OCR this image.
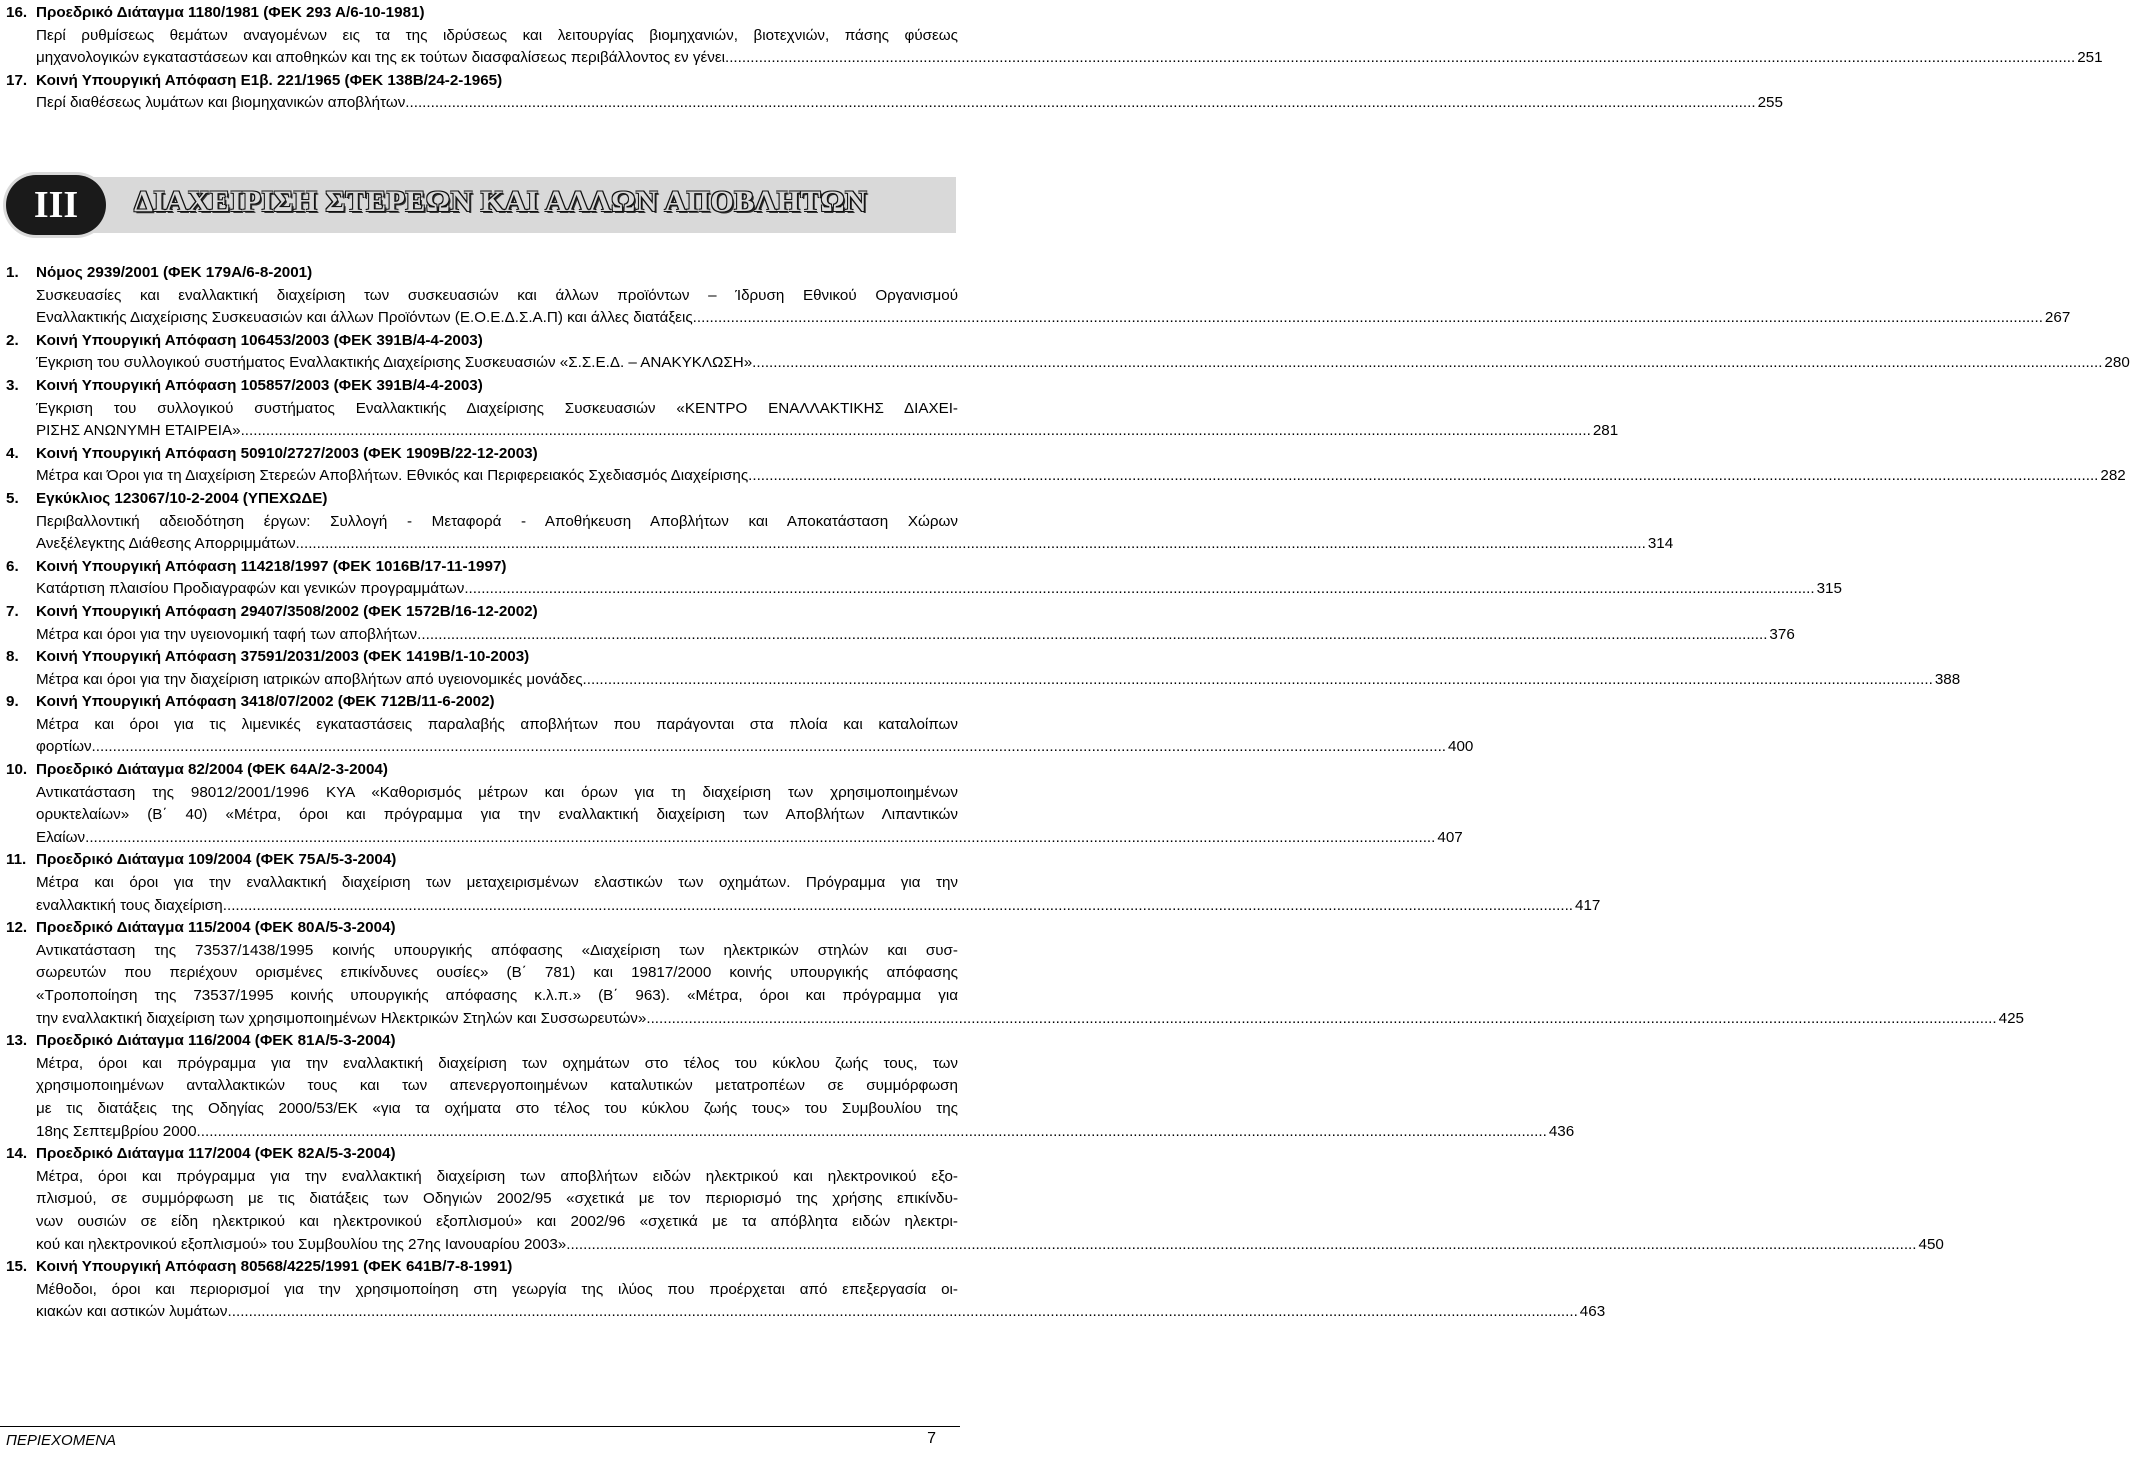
16. Προεδρικό Διάταγμα 1180/1981 (ΦΕΚ 293 Α/6-10-1981)
Περί ρυθμίσεως θεμάτων αναγομένων εις τα της ιδρύσεως και λειτουργίας βιομηχανιών, βιοτεχνιών, πάσης φύσεως
μηχανολογικών εγκαταστάσεων και αποθηκών και της εκ τούτων διασφαλίσεως περιβάλλοντος εν γένει .....	251
17. Κοινή Υπουργική Απόφαση Ε1β. 221/1965 (ΦΕΚ 138Β/24-2-1965)
Περί διαθέσεως λυμάτων και βιομηχανικών αποβλήτων .....	255
III	ΔΙΑΧΕΙΡΙΣΗ ΣΤΕΡΕΩΝ ΚΑΙ ΑΛΛΩΝ ΑΠΟΒΛΗΤΩΝ
1. Νόμος 2939/2001 (ΦΕΚ 179Α/6-8-2001)
Συσκευασίες και εναλλακτική διαχείριση των συσκευασιών και άλλων προϊόντων – Ίδρυση Εθνικού Οργανισμού
Εναλλακτικής Διαχείρισης Συσκευασιών και άλλων Προϊόντων (Ε.Ο.Ε.Δ.Σ.Α.Π) και άλλες διατάξεις .....	267
2. Κοινή Υπουργική Απόφαση 106453/2003 (ΦΕΚ 391Β/4-4-2003)
Έγκριση του συλλογικού συστήματος Εναλλακτικής Διαχείρισης Συσκευασιών «Σ.Σ.Ε.Δ. – ΑΝΑΚΥΚΛΩΣΗ» .....	280
3. Κοινή Υπουργική Απόφαση 105857/2003 (ΦΕΚ 391Β/4-4-2003)
Έγκριση του συλλογικού συστήματος Εναλλακτικής Διαχείρισης Συσκευασιών «ΚΕΝΤΡΟ ΕΝΑΛΛΑΚΤΙΚΗΣ ΔΙΑΧΕΙ-
ΡΙΣΗΣ ΑΝΩΝΥΜΗ ΕΤΑΙΡΕΙΑ» .....	281
4. Κοινή Υπουργική Απόφαση 50910/2727/2003 (ΦΕΚ 1909Β/22-12-2003)
Μέτρα και Όροι για τη Διαχείριση Στερεών Αποβλήτων. Εθνικός και Περιφερειακός Σχεδιασμός Διαχείρισης .....	282
5. Εγκύκλιος 123067/10-2-2004 (ΥΠΕΧΩΔΕ)
Περιβαλλοντική αδειοδότηση έργων: Συλλογή - Μεταφορά - Αποθήκευση Αποβλήτων και Αποκατάσταση Χώρων
Ανεξέλεγκτης Διάθεσης Απορριμμάτων .....	314
6. Κοινή Υπουργική Απόφαση 114218/1997 (ΦΕΚ 1016Β/17-11-1997)
Κατάρτιση πλαισίου Προδιαγραφών και γενικών προγραμμάτων .....	315
7. Κοινή Υπουργική Απόφαση 29407/3508/2002 (ΦΕΚ 1572Β/16-12-2002)
Μέτρα και όροι για την υγειονομική ταφή των αποβλήτων .....	376
8. Κοινή Υπουργική Απόφαση 37591/2031/2003 (ΦΕΚ 1419Β/1-10-2003)
Μέτρα και όροι για την διαχείριση ιατρικών αποβλήτων από υγειονομικές μονάδες .....	388
9. Κοινή Υπουργική Απόφαση 3418/07/2002 (ΦΕΚ 712Β/11-6-2002)
Μέτρα και όροι για τις λιμενικές εγκαταστάσεις παραλαβής αποβλήτων που παράγονται στα πλοία και καταλοίπων
φορτίων. .....	400
10. Προεδρικό Διάταγμα 82/2004 (ΦΕΚ 64Α/2-3-2004)
Αντικατάσταση της 98012/2001/1996 ΚΥΑ «Καθορισμός μέτρων και όρων για τη διαχείριση των χρησιμοποιημένων
ορυκτελαίων» (Β΄ 40) «Μέτρα, όροι και πρόγραμμα για την εναλλακτική διαχείριση των Αποβλήτων Λιπαντικών
Ελαίων .....	407
11. Προεδρικό Διάταγμα 109/2004 (ΦΕΚ 75Α/5-3-2004)
Μέτρα και όροι για την εναλλακτική διαχείριση των μεταχειρισμένων ελαστικών των οχημάτων. Πρόγραμμα για την
εναλλακτική τους διαχείριση .....	417
12. Προεδρικό Διάταγμα 115/2004 (ΦΕΚ 80Α/5-3-2004)
Αντικατάσταση της 73537/1438/1995 κοινής υπουργικής απόφασης «Διαχείριση των ηλεκτρικών στηλών και συσ-
σωρευτών που περιέχουν ορισμένες επικίνδυνες ουσίες» (Β΄ 781) και 19817/2000 κοινής υπουργικής απόφασης
«Τροποποίηση της 73537/1995 κοινής υπουργικής απόφασης κ.λ.π.» (Β΄ 963). «Μέτρα, όροι και πρόγραμμα για
την εναλλακτική διαχείριση των χρησιμοποιημένων Ηλεκτρικών Στηλών και Συσσωρευτών» .....	425
13. Προεδρικό Διάταγμα 116/2004 (ΦΕΚ 81Α/5-3-2004)
Μέτρα, όροι και πρόγραμμα για την εναλλακτική διαχείριση των οχημάτων στο τέλος του κύκλου ζωής τους, των
χρησιμοποιημένων ανταλλακτικών τους και των απενεργοποιημένων καταλυτικών μετατροπέων σε συμμόρφωση
με τις διατάξεις της Οδηγίας 2000/53/ΕΚ «για τα οχήματα στο τέλος του κύκλου ζωής τους» του Συμβουλίου της
18ης Σεπτεμβρίου 2000 .....	436
14. Προεδρικό Διάταγμα 117/2004 (ΦΕΚ 82Α/5-3-2004)
Μέτρα, όροι και πρόγραμμα για την εναλλακτική διαχείριση των αποβλήτων ειδών ηλεκτρικού και ηλεκτρονικού εξο-
πλισμού, σε συμμόρφωση με τις διατάξεις των Οδηγιών 2002/95 «σχετικά με τον περιορισμό της χρήσης επικίνδυ-
νων ουσιών σε είδη ηλεκτρικού και ηλεκτρονικού εξοπλισμού» και 2002/96 «σχετικά με τα απόβλητα ειδών ηλεκτρι-
κού και ηλεκτρονικού εξοπλισμού» του Συμβουλίου της 27ης Ιανουαρίου 2003» .....	450
15. Κοινή Υπουργική Απόφαση 80568/4225/1991 (ΦΕΚ 641Β/7-8-1991)
Μέθοδοι, όροι και περιορισμοί για την χρησιμοποίηση στη γεωργία της ιλύος που προέρχεται από επεξεργασία οι-
κιακών και αστικών λυμάτων .....	463
ΠΕΡΙΕΧΟΜΕΝΑ	7
